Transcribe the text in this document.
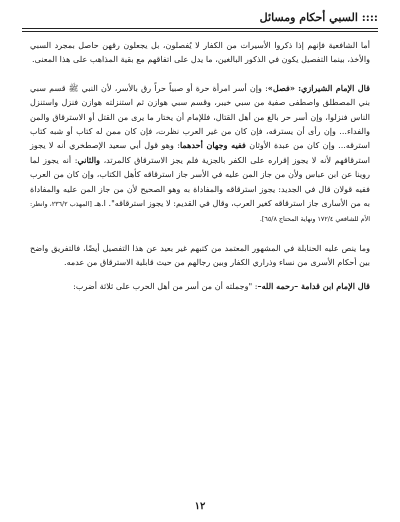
::::

السبي أحكام ومسائل

أما الشافعية فإنهم إذا ذكروا الأسيرات من الكفار لا يُفصلون، بل يجعلون رقهن حاصل بمجرد السبي والأخذ، بينما التفصيل يكون في الذكور البالغين، ما يدل على اتفاقهم مع بقية المذاهب على هذا المعنى.

قال الإمام الشيرازي: «فصل»: وإن أسر امرأة حرة أو صبياً حراً رق بالأسر، لأن النبي ﷺ قسم سبي بني المصطلق واصطفى صفية من سبي خيبر، وقسم سبي هوازن ثم استنزلته هوازن فنزل واستنزل الناس فنزلوا، وإن أسر حر بالغ من أهل القتال، فللإمام أن يختار ما يرى من القتل أو الاسترقاق والمن والفداء... وإن رأى أن يسترقه، فإن كان من غير العرب نظرت، فإن كان ممن له كتاب أو شبه كتاب استرقه... وإن كان من عبدة الأوثان ففيه وجهان أحدهما: وهو قول أبي سعيد الإصطخري أنه لا يجوز استرقاقهم لأنه لا يجوز إقراره على الكفر بالجزية فلم يجز الاسترقاق كالمرتد، والثاني: أنه يجوز لما روينا عن ابن عباس ولأن من جاز المن عليه في الأسر جاز استرقاقه كأهل الكتاب، وإن كان من العرب ففيه قولان قال في الجديد: يجوز استرقاقه والمفاداة به وهو الصحيح لأن من جاز المن عليه والمفاداة به من الأسارى جاز استرقاقه كغير العرب، وقال في القديم: لا يجوز استرقاقه". ا.هـ [المهذب ٢٣٦/٢، وانظر: الأم للشافعي ١٧٢/٤ ونهاية المحتاج ٦٥/٨].

وما ينص عليه الحنابلة في المشهور المعتمد من كتبهم غير بعيد عن هذا التفصيل أيضًا، فالتفريق واضح بين أحكام الأسرى من نساء وذراري الكفار وبين رجالهم من حيث قابلية الاسترقاق من عدمه.

قال الإمام ابن قدامة –رحمه الله–: "وجملته أن من أسر من أهل الحرب على ثلاثة أضرب:

١٢
